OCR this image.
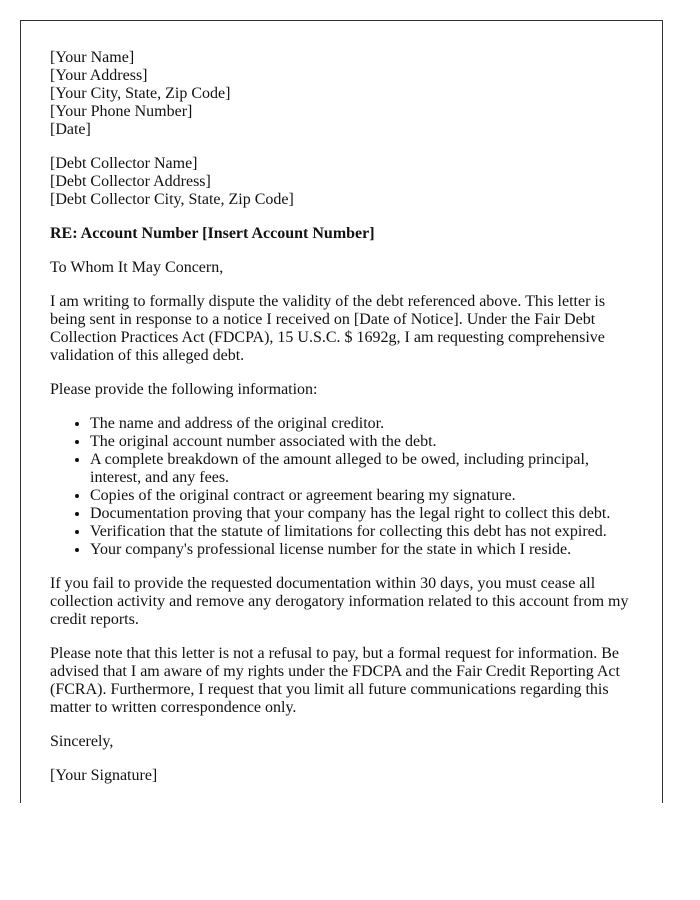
[Your Name]
[Your Address]
[Your City, State, Zip Code]
[Your Phone Number]
[Date]
[Debt Collector Name]
[Debt Collector Address]
[Debt Collector City, State, Zip Code]

RE: Account Number [Insert Account Number]

To Whom It May Concern,

I am writing to formally dispute the validity of the debt referenced above. This letter is being sent in response to a notice I received on [Date of Notice]. Under the Fair Debt Collection Practices Act (FDCPA), 15 U.S.C. $ 1692g, I am requesting comprehensive validation of this alleged debt.

Please provide the following information:

• The name and address of the original creditor.
• The original account number associated with the debt.
• A complete breakdown of the amount alleged to be owed, including principal, interest, and any fees.
• Copies of the original contract or agreement bearing my signature.
• Documentation proving that your company has the legal right to collect this debt.
• Verification that the statute of limitations for collecting this debt has not expired.
• Your company's professional license number for the state in which I reside.

If you fail to provide the requested documentation within 30 days, you must cease all collection activity and remove any derogatory information related to this account from my credit reports.

Please note that this letter is not a refusal to pay, but a formal request for information. Be advised that I am aware of my rights under the FDCPA and the Fair Credit Reporting Act (FCRA). Furthermore, I request that you limit all future communications regarding this matter to written correspondence only.

Sincerely,

[Your Signature]
